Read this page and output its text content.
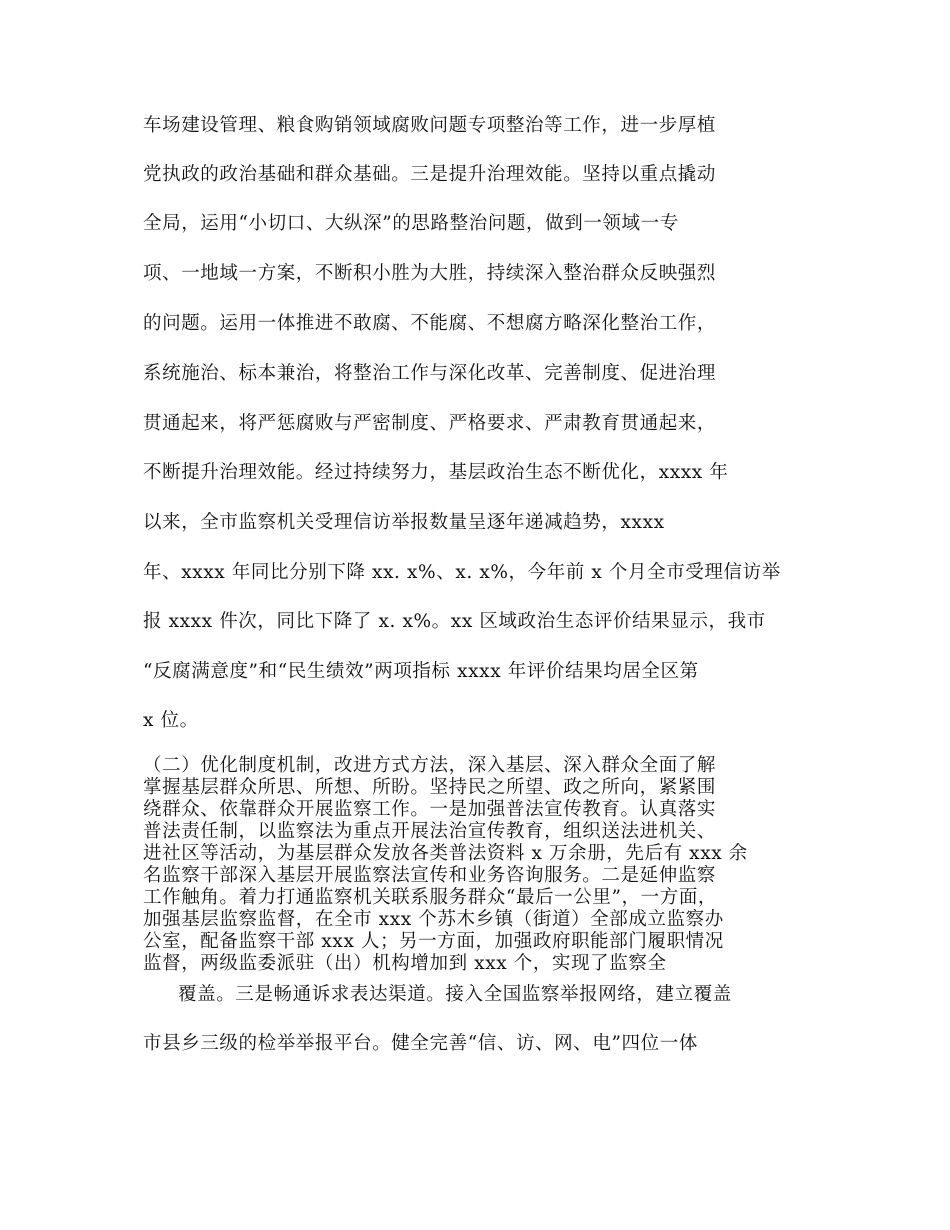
车场建设管理、粮食购销领域腐败问题专项整治等工作，进一步厚植
党执政的政治基础和群众基础。三是提升治理效能。坚持以重点撬动
全局，运用“小切口、大纵深”的思路整治问题，做到一领域一专
项、一地域一方案，不断积小胜为大胜，持续深入整治群众反映强烈
的问题。运用一体推进不敢腐、不能腐、不想腐方略深化整治工作，
系统施治、标本兼治，将整治工作与深化改革、完善制度、促进治理
贯通起来，将严惩腐败与严密制度、严格要求、严肃教育贯通起来，
不断提升治理效能。经过持续努力，基层政治生态不断优化，xxxx 年
以来，全市监察机关受理信访举报数量呈逐年递减趋势，xxxx
年、xxxx 年同比分别下降 xx. x%、x. x%，今年前 x 个月全市受理信访举
报 xxxx 件次，同比下降了 x. x%。xx 区域政治生态评价结果显示，我市
“反腐满意度”和“民生绩效”两项指标 xxxx 年评价结果均居全区第
x 位。
（二）优化制度机制，改进方式方法，深入基层、深入群众全面了解
掌握基层群众所思、所想、所盼。坚持民之所望、政之所向，紧紧围
绕群众、依靠群众开展监察工作。一是加强普法宣传教育。认真落实
普法责任制，以监察法为重点开展法治宣传教育，组织送法进机关、
进社区等活动，为基层群众发放各类普法资料 x 万余册，先后有 xxx 余
名监察干部深入基层开展监察法宣传和业务咨询服务。二是延伸监察
工作触角。着力打通监察机关联系服务群众“最后一公里”，一方面，
加强基层监察监督，在全市 xxx 个苏木乡镇（街道）全部成立监察办
公室，配备监察干部 xxx 人；另一方面，加强政府职能部门履职情况
监督，两级监委派驻（出）机构增加到 xxx 个，实现了监察全
覆盖。三是畅通诉求表达渠道。接入全国监察举报网络，建立覆盖
市县乡三级的检举举报平台。健全完善“信、访、网、电”四位一体
